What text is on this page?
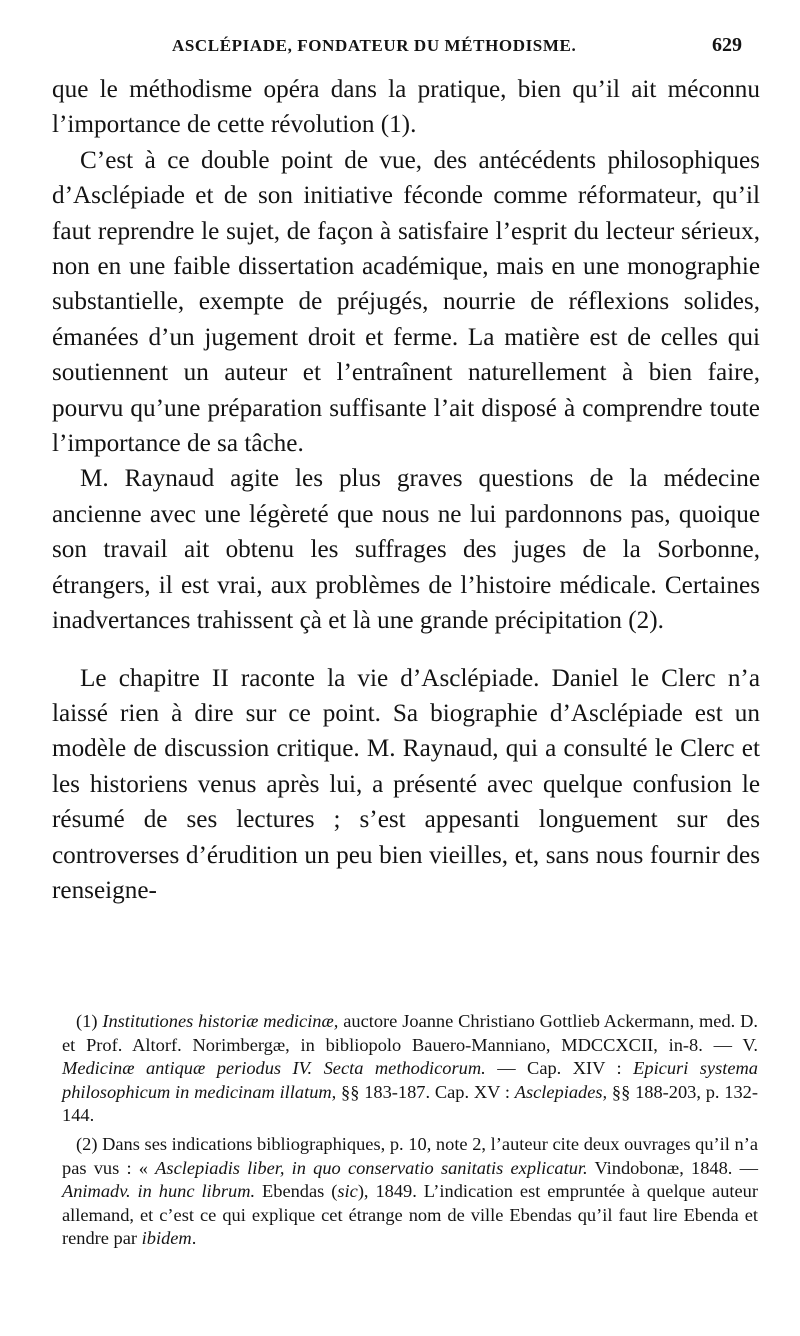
ASCLÉPIADE, FONDATEUR DU MÉTHODISME.	629

que le méthodisme opéra dans la pratique, bien qu’il ait méconnu l’importance de cette révolution (1).

C’est à ce double point de vue, des antécédents philosophiques d’Asclépiade et de son initiative féconde comme réformateur, qu’il faut reprendre le sujet, de façon à satisfaire l’esprit du lecteur sérieux, non en une faible dissertation académique, mais en une monographie substantielle, exempte de préjugés, nourrie de réflexions solides, émanées d’un jugement droit et ferme. La matière est de celles qui soutiennent un auteur et l’entraînent naturellement à bien faire, pourvu qu’une préparation suffisante l’ait disposé à comprendre toute l’importance de sa tâche.

M. Raynaud agite les plus graves questions de la médecine ancienne avec une légèreté que nous ne lui pardonnons pas, quoique son travail ait obtenu les suffrages des juges de la Sorbonne, étrangers, il est vrai, aux problèmes de l’histoire médicale. Certaines inadvertances trahissent çà et là une grande précipitation (2).

Le chapitre II raconte la vie d’Asclépiade. Daniel le Clerc n’a laissé rien à dire sur ce point. Sa biographie d’Asclépiade est un modèle de discussion critique. M. Raynaud, qui a consulté le Clerc et les historiens venus après lui, a présenté avec quelque confusion le résumé de ses lectures ; s’est appesanti longuement sur des controverses d’érudition un peu bien vieilles, et, sans nous fournir des renseigne-

(1) Institutiones historiæ medicinæ, auctore Joanne Christiano Gottlieb Ackermann, med. D. et Prof. Altorf. Norimbergæ, in bibliopolo Bauero-Manniano, MDCCXCII, in-8. — V. Medicinæ antiquæ periodus IV. Secta methodicorum. — Cap. XIV : Epicuri systema philosophicum in medicinam illatum, §§ 183-187. Cap. XV : Asclepiades, §§ 188-203, p. 132-144.

(2) Dans ses indications bibliographiques, p. 10, note 2, l’auteur cite deux ouvrages qu’il n’a pas vus : « Asclepiadis liber, in quo conservatio sanitatis explicatur. Vindobonæ, 1848. — Animadv. in hunc librum. Ebendas (sic), 1849. L’indication est empruntée à quelque auteur allemand, et c’est ce qui explique cet étrange nom de ville Ebendas qu’il faut lire Ebenda et rendre par ibidem.
